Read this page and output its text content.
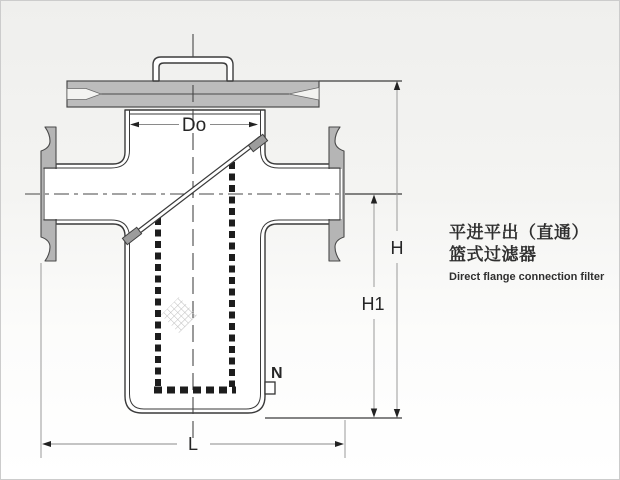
H
H1
L
Do
N
平进平出（直通）
篮式过滤器
Direct flange connection filter
